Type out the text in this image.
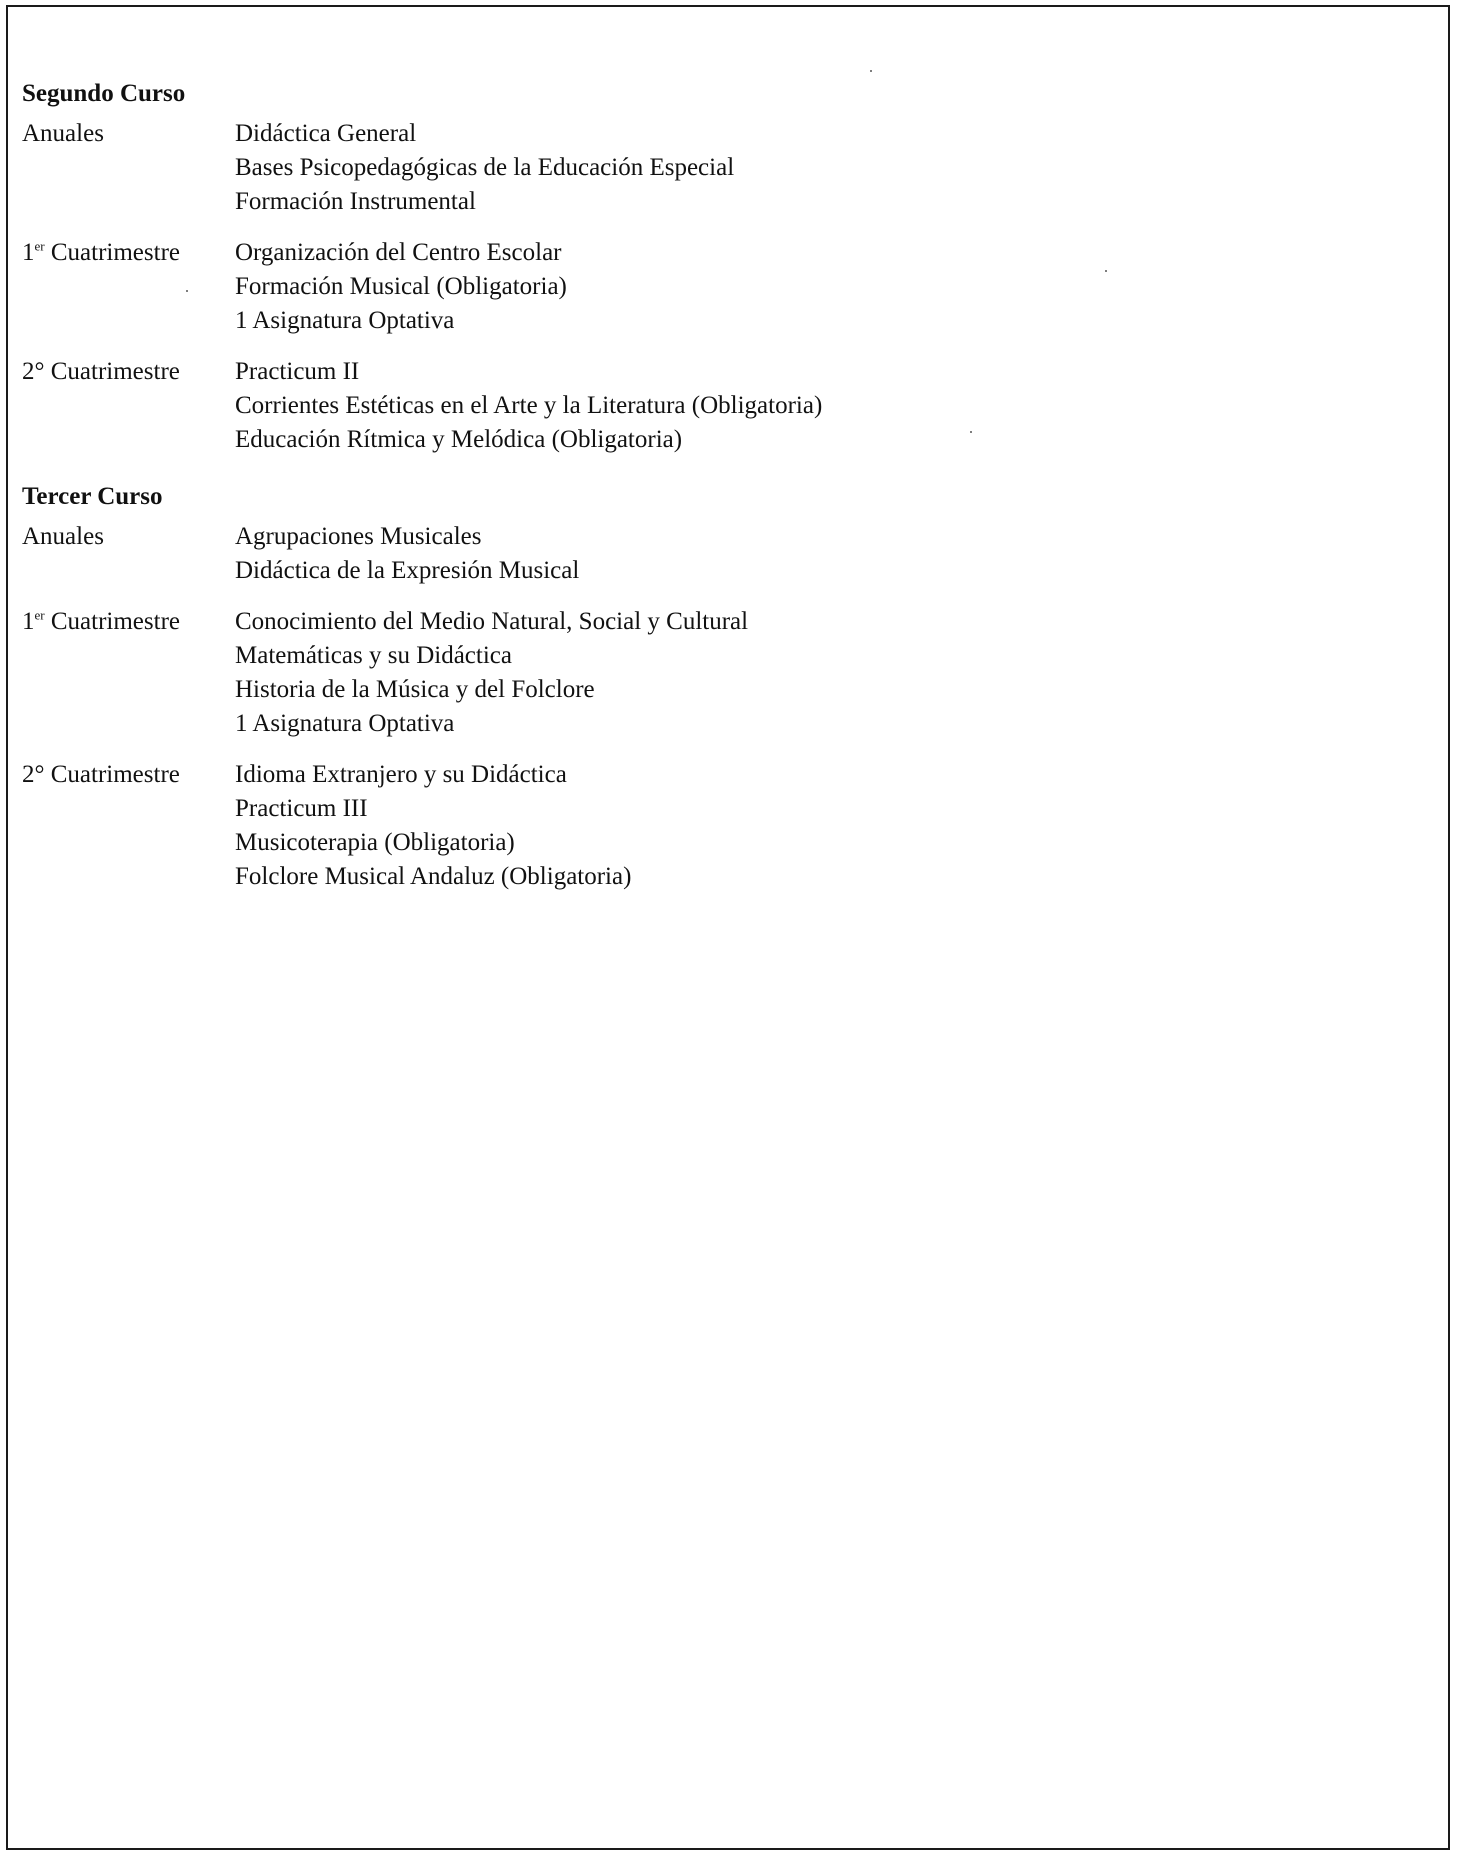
Segundo Curso
Anuales	Didáctica General
Bases Psicopedagógicas de la Educación Especial
Formación Instrumental
1er Cuatrimestre	Organización del Centro Escolar
Formación Musical (Obligatoria)
1 Asignatura Optativa
2° Cuatrimestre	Practicum II
Corrientes Estéticas en el Arte y la Literatura (Obligatoria)
Educación Rítmica y Melódica (Obligatoria)
Tercer Curso
Anuales	Agrupaciones Musicales
Didáctica de la Expresión Musical
1er Cuatrimestre	Conocimiento del Medio Natural, Social y Cultural
Matemáticas y su Didáctica
Historia de la Música y del Folclore
1 Asignatura Optativa
2° Cuatrimestre	Idioma Extranjero y su Didáctica
Practicum III
Musicoterapia (Obligatoria)
Folclore Musical Andaluz (Obligatoria)
